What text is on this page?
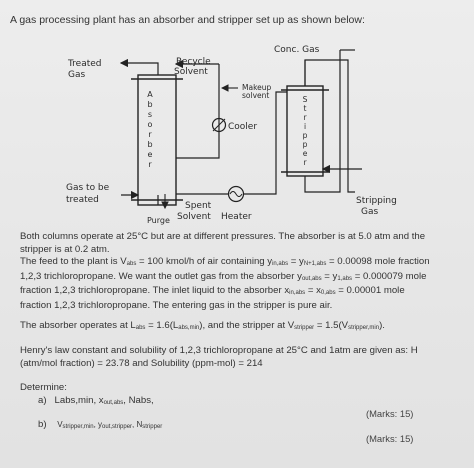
A gas processing plant has an absorber and stripper set up as shown below:
A
b
s
o
r
b
e
r
S
t
r
i
p
p
e
r
Treated
Gas
Recycle
Solvent
Conc. Gas
Makeup
solvent
Cooler
Gas to be
treated
Spent
Solvent Heater
Purge
Stripping
Gas
Both columns operate at 25°C but are at different pressures. The absorber is at 5.0 atm and the
stripper is at 0.2 atm.
The feed to the plant is Vabs = 100 kmol/h of air containing yin,abs = yN+1,abs = 0.00098 mole fraction
1,2,3 trichloropropane. We want the outlet gas from the absorber yout,abs = y1,abs = 0.000079 mole
fraction 1,2,3 trichloropropane. The inlet liquid to the absorber xin,abs = x0,abs = 0.00001 mole
fraction 1,2,3 trichloropropane. The entering gas in the stripper is pure air.
The absorber operates at Labs = 1.6(Labs,min), and the stripper at Vstripper = 1.5(Vstripper,min).
Henry's law constant and solubility of 1,2,3 trichloropropane at 25°C and 1atm are given as: H
(atm/mol fraction) = 23.78 and Solubility (ppm-mol) = 214
Determine:
a) Labs,min, xout,abs, Nabs,
(Marks: 15)
b) Vstripper,min, yout,stripper, Nstripper
(Marks: 15)
